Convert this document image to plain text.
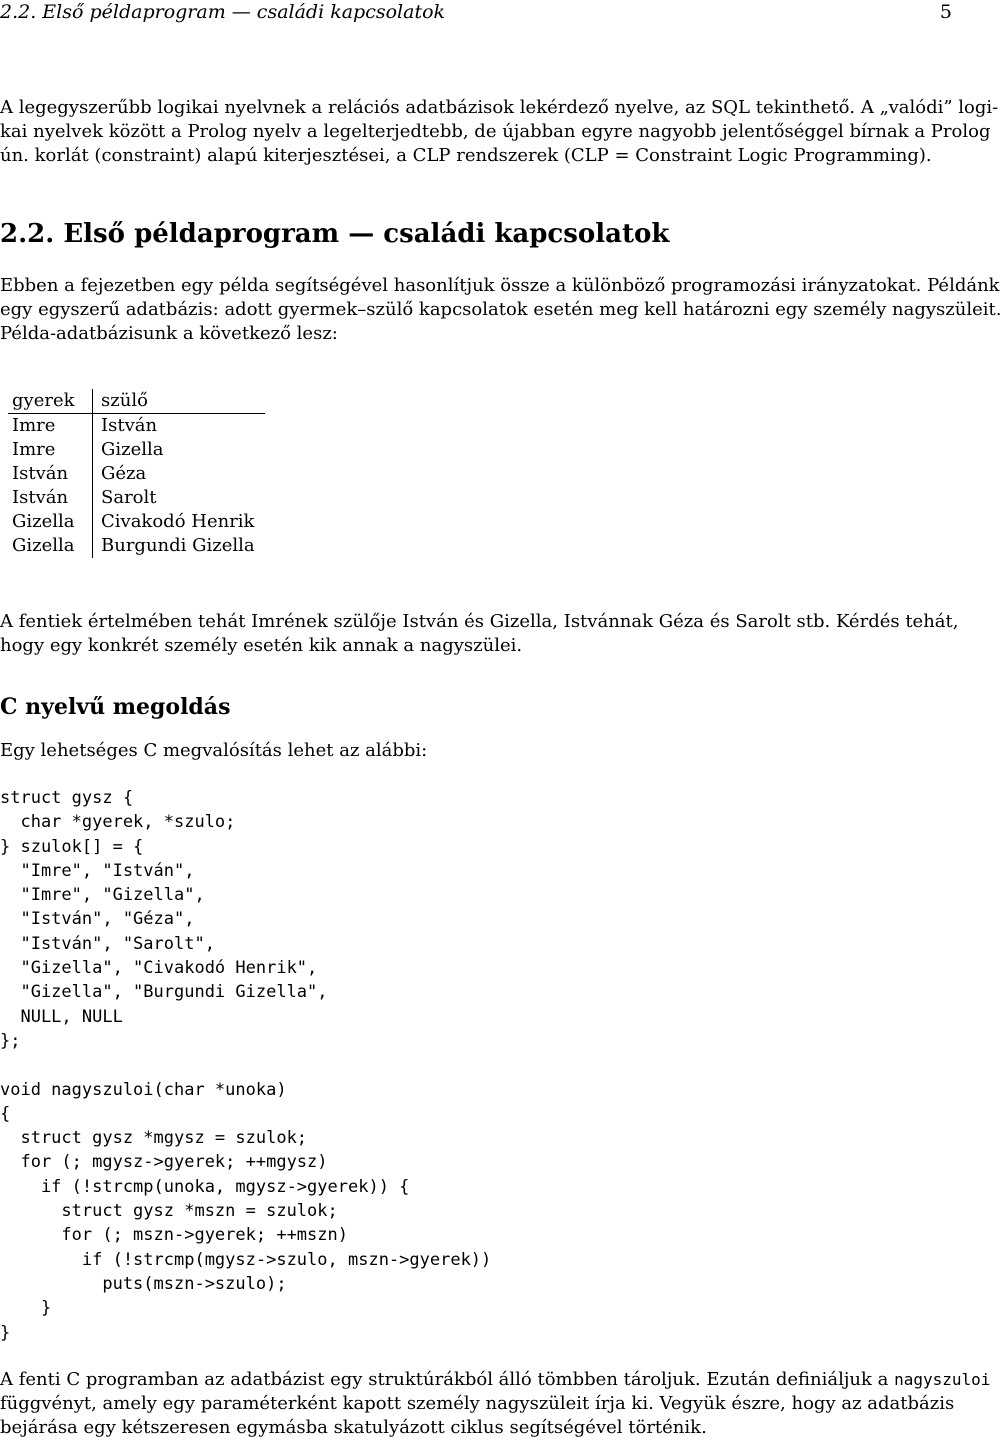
2.2. Első példaprogram — családi kapcsolatok	5

A legegyszerűbb logikai nyelvnek a relációs adatbázisok lekérdező nyelve, az SQL tekinthető. A „valódi” logi-
kai nyelvek között a Prolog nyelv a legelterjedtebb, de újabban egyre nagyobb jelentőséggel bírnak a Prolog
ún. korlát (constraint) alapú kiterjesztései, a CLP rendszerek (CLP = Constraint Logic Programming).

2.2. Első példaprogram — családi kapcsolatok

Ebben a fejezetben egy példa segítségével hasonlítjuk össze a különböző programozási irányzatokat. Példánk
egy egyszerű adatbázis: adott gyermek–szülő kapcsolatok esetén meg kell határozni egy személy nagyszüleit.
Példa-adatbázisunk a következő lesz:

gyerek	szülő
Imre	István
Imre	Gizella
István	Géza
István	Sarolt
Gizella	Civakodó Henrik
Gizella	Burgundi Gizella

A fentiek értelmében tehát Imrének szülője István és Gizella, Istvánnak Géza és Sarolt stb. Kérdés tehát,
hogy egy konkrét személy esetén kik annak a nagyszülei.

C nyelvű megoldás

Egy lehetséges C megvalósítás lehet az alábbi:

struct gysz {
char *gyerek, *szulo;
} szulok[] = {
"Imre", "István",
"Imre", "Gizella",
"István", "Géza",
"István", "Sarolt",
"Gizella", "Civakodó Henrik",
"Gizella", "Burgundi Gizella",
NULL, NULL
};

void nagyszuloi(char *unoka)
{
struct gysz *mgysz = szulok;
for (; mgysz->gyerek; ++mgysz)
if (!strcmp(unoka, mgysz->gyerek)) {
struct gysz *mszn = szulok;
for (; mszn->gyerek; ++mszn)
if (!strcmp(mgysz->szulo, mszn->gyerek))
puts(mszn->szulo);
}
}

A fenti C programban az adatbázist egy struktúrákból álló tömbben tároljuk. Ezután definiáljuk a nagyszuloi
függvényt, amely egy paraméterként kapott személy nagyszüleit írja ki. Vegyük észre, hogy az adatbázis
bejárása egy kétszeresen egymásba skatulyázott ciklus segítségével történik.
